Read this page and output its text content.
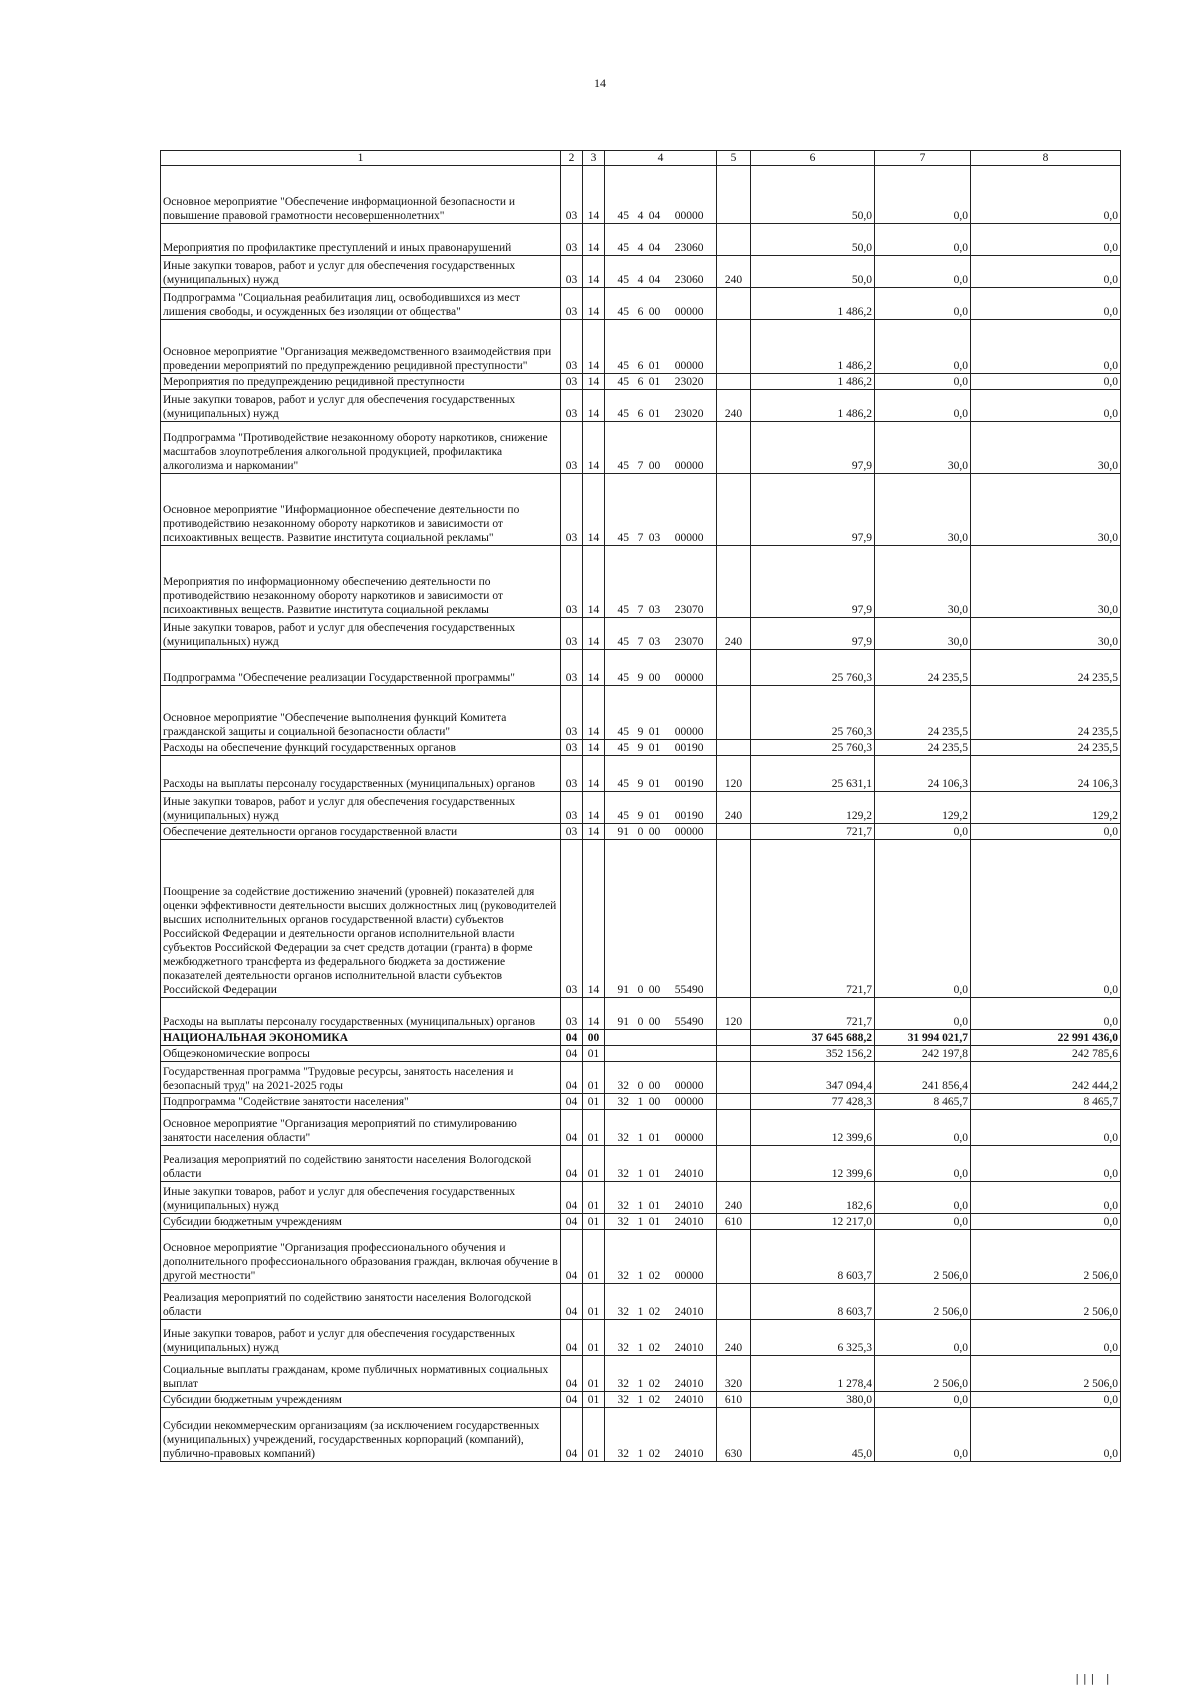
14
1	2	3	4	5	6	7	8
Основное мероприятие "Обеспечение информационной безопасности и повышение правовой грамотности несовершеннолетних"	03	14	45 4 04 00000		50,0	0,0	0,0
Мероприятия по профилактике преступлений и иных правонарушений	03	14	45 4 04 23060		50,0	0,0	0,0
Иные закупки товаров, работ и услуг для обеспечения государственных (муниципальных) нужд	03	14	45 4 04 23060	240	50,0	0,0	0,0
Подпрограмма "Социальная реабилитация лиц, освободившихся из мест лишения свободы, и осужденных без изоляции от общества"	03	14	45 6 00 00000		1 486,2	0,0	0,0
Основное мероприятие "Организация межведомственного взаимодействия при проведении мероприятий по предупреждению рецидивной преступности"	03	14	45 6 01 00000		1 486,2	0,0	0,0
Мероприятия по предупреждению рецидивной преступности	03	14	45 6 01 23020		1 486,2	0,0	0,0
Иные закупки товаров, работ и услуг для обеспечения государственных (муниципальных) нужд	03	14	45 6 01 23020	240	1 486,2	0,0	0,0
Подпрограмма "Противодействие незаконному обороту наркотиков, снижение масштабов злоупотребления алкогольной продукцией, профилактика алкоголизма и наркомании"	03	14	45 7 00 00000		97,9	30,0	30,0
Основное мероприятие "Информационное обеспечение деятельности по противодействию незаконному обороту наркотиков и зависимости от психоактивных веществ. Развитие института социальной рекламы"	03	14	45 7 03 00000		97,9	30,0	30,0
Мероприятия по информационному обеспечению деятельности по противодействию незаконному обороту наркотиков и зависимости от психоактивных веществ. Развитие института социальной рекламы	03	14	45 7 03 23070		97,9	30,0	30,0
Иные закупки товаров, работ и услуг для обеспечения государственных (муниципальных) нужд	03	14	45 7 03 23070	240	97,9	30,0	30,0
Подпрограмма "Обеспечение реализации Государственной программы"	03	14	45 9 00 00000		25 760,3	24 235,5	24 235,5
Основное мероприятие "Обеспечение выполнения функций Комитета гражданской защиты и социальной безопасности области"	03	14	45 9 01 00000		25 760,3	24 235,5	24 235,5
Расходы на обеспечение функций государственных органов	03	14	45 9 01 00190		25 760,3	24 235,5	24 235,5
Расходы на выплаты персоналу государственных (муниципальных) органов	03	14	45 9 01 00190	120	25 631,1	24 106,3	24 106,3
Иные закупки товаров, работ и услуг для обеспечения государственных (муниципальных) нужд	03	14	45 9 01 00190	240	129,2	129,2	129,2
Обеспечение деятельности органов государственной власти	03	14	91 0 00 00000		721,7	0,0	0,0
Поощрение за содействие достижению значений (уровней) показателей для оценки эффективности деятельности высших должностных лиц (руководителей высших исполнительных органов государственной власти) субъектов Российской Федерации и деятельности органов исполнительной власти субъектов Российской Федерации за счет средств дотации (гранта) в форме межбюджетного трансферта из федерального бюджета за достижение показателей деятельности органов исполнительной власти субъектов Российской Федерации	03	14	91 0 00 55490		721,7	0,0	0,0
Расходы на выплаты персоналу государственных (муниципальных) органов	03	14	91 0 00 55490	120	721,7	0,0	0,0
НАЦИОНАЛЬНАЯ ЭКОНОМИКА	04	00			37 645 688,2	31 994 021,7	22 991 436,0
Общеэкономические вопросы	04	01			352 156,2	242 197,8	242 785,6
Государственная программа "Трудовые ресурсы, занятость населения и безопасный труд" на 2021-2025 годы	04	01	32 0 00 00000		347 094,4	241 856,4	242 444,2
Подпрограмма "Содействие занятости населения"	04	01	32 1 00 00000		77 428,3	8 465,7	8 465,7
Основное мероприятие "Организация мероприятий по стимулированию занятости населения области"	04	01	32 1 01 00000		12 399,6	0,0	0,0
Реализация мероприятий по содействию занятости населения Вологодской области	04	01	32 1 01 24010		12 399,6	0,0	0,0
Иные закупки товаров, работ и услуг для обеспечения государственных (муниципальных) нужд	04	01	32 1 01 24010	240	182,6	0,0	0,0
Субсидии бюджетным учреждениям	04	01	32 1 01 24010	610	12 217,0	0,0	0,0
Основное мероприятие "Организация профессионального обучения и дополнительного профессионального образования граждан, включая обучение в другой местности"	04	01	32 1 02 00000		8 603,7	2 506,0	2 506,0
Реализация мероприятий по содействию занятости населения Вологодской области	04	01	32 1 02 24010		8 603,7	2 506,0	2 506,0
Иные закупки товаров, работ и услуг для обеспечения государственных (муниципальных) нужд	04	01	32 1 02 24010	240	6 325,3	0,0	0,0
Социальные выплаты гражданам, кроме публичных нормативных социальных выплат	04	01	32 1 02 24010	320	1 278,4	2 506,0	2 506,0
Субсидии бюджетным учреждениям	04	01	32 1 02 24010	610	380,0	0,0	0,0
Субсидии некоммерческим организациям (за исключением государственных (муниципальных) учреждений, государственных корпораций (компаний), публично-правовых компаний)	04	01	32 1 02 24010	630	45,0	0,0	0,0
||| |
